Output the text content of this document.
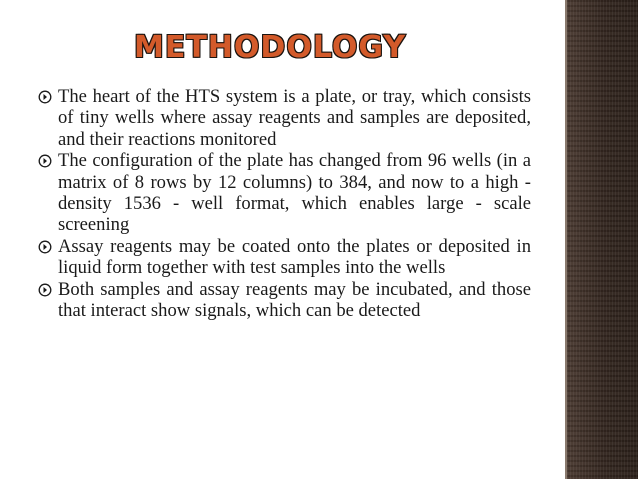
METHODOLOGY
The heart of the HTS system is a plate, or tray, which consists of tiny wells where assay reagents and samples are deposited, and their reactions monitored
The configuration of the plate has changed from 96 wells (in a matrix of 8 rows by 12 columns) to 384, and now to a high - density 1536 - well format, which enables large - scale screening
Assay reagents may be coated onto the plates or deposited in liquid form together with test samples into the wells
Both samples and assay reagents may be incubated, and those that interact show signals, which can be detected
